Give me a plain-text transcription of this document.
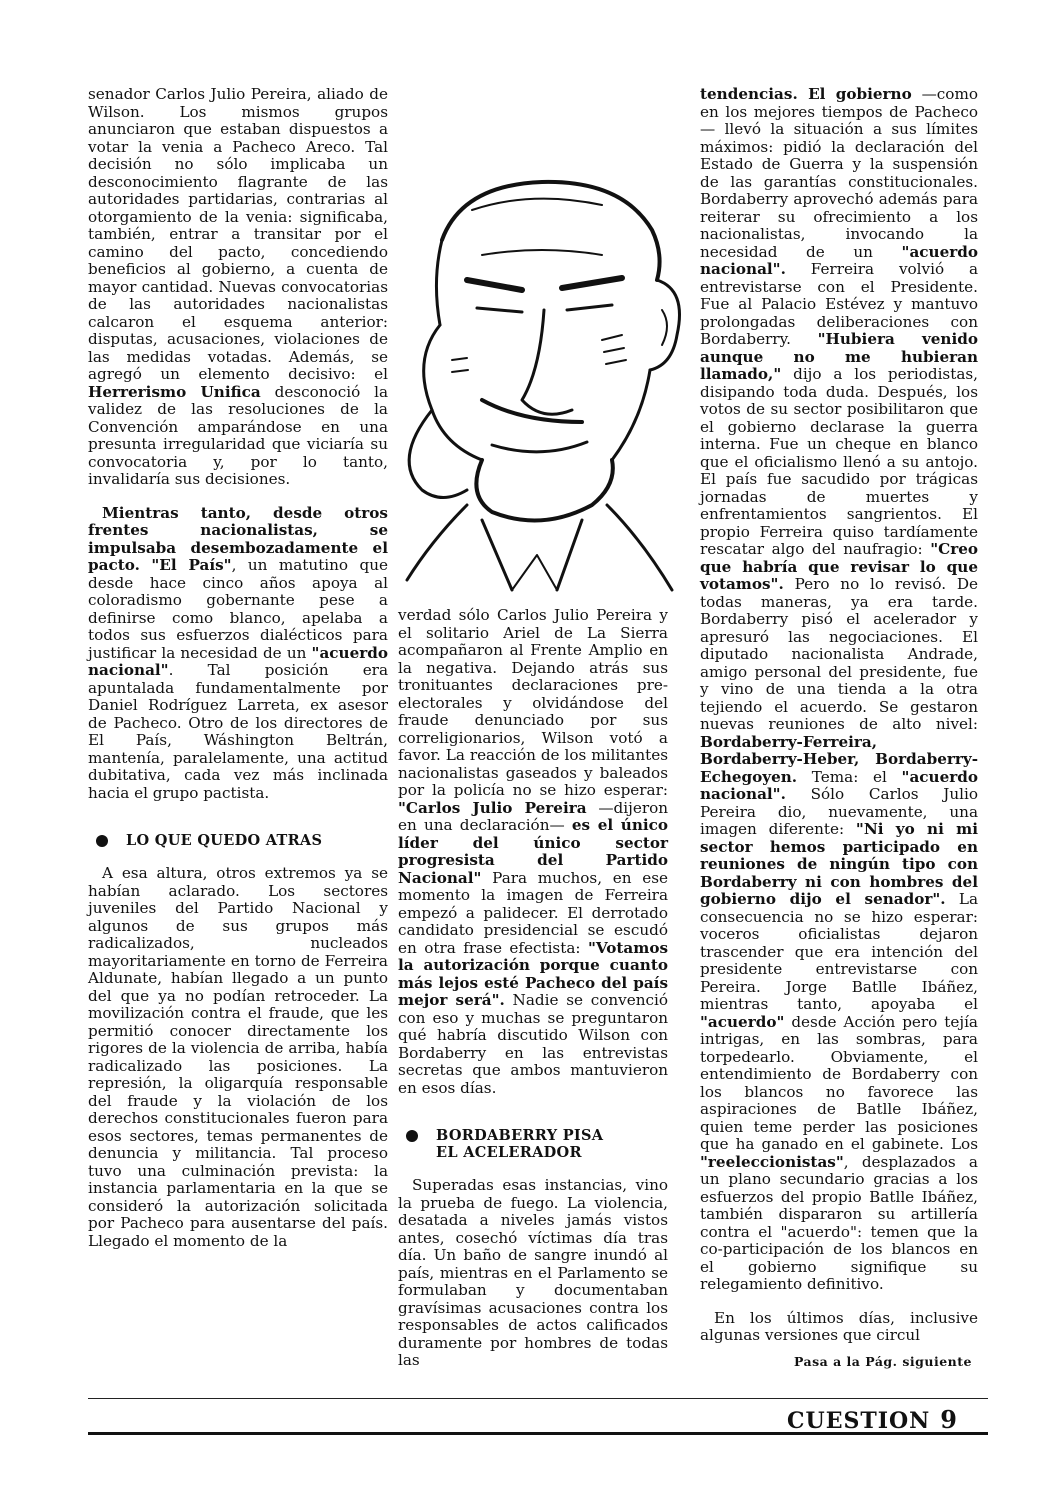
senador Carlos Julio Pereira, aliado de Wilson. Los mismos grupos anunciaron que estaban dispuestos a votar la venia a Pacheco Areco. Tal decisión no sólo implicaba un desconocimiento flagrante de las autoridades partidarias, contrarias al otorgamiento de la venia: significaba, también, entrar a transitar por el camino del pacto, concediendo beneficios al gobierno, a cuenta de mayor cantidad. Nuevas convocatorias de las autoridades nacionalistas calcaron el esquema anterior: disputas, acusaciones, violaciones de las medidas votadas. Además, se agregó un elemento decisivo: el Herrerismo Unifica desconoció la validez de las resoluciones de la Convención amparándose en una presunta irregularidad que viciaría su convocatoria y, por lo tanto, invalidaría sus decisiones.

Mientras tanto, desde otros frentes nacionalistas, se impulsaba desembozadamente el pacto. "El País", un matutino que desde hace cinco años apoya al coloradismo gobernante pese a definirse como blanco, apelaba a todos sus esfuerzos dialécticos para justificar la necesidad de un "acuerdo nacional". Tal posición era apuntalada fundamentalmente por Daniel Rodríguez Larreta, ex asesor de Pacheco. Otro de los directores de El País, Wáshington Beltrán, mantenía, paralelamente, una actitud dubitativa, cada vez más inclinada hacia el grupo pactista.

LO QUE QUEDO ATRAS

A esa altura, otros extremos ya se habían aclarado. Los sectores juveniles del Partido Nacional y algunos de sus grupos más radicalizados, nucleados mayoritariamente en torno de Ferreira Aldunate, habían llegado a un punto del que ya no podían retroceder. La movilización contra el fraude, que les permitió conocer directamente los rigores de la violencia de arriba, había radicalizado las posiciones. La represión, la oligarquía responsable del fraude y la violación de los derechos constitucionales fueron para esos sectores, temas permanentes de denuncia y militancia. Tal proceso tuvo una culminación prevista: la instancia parlamentaria en la que se consideró la autorización solicitada por Pacheco para ausentarse del país. Llegado el momento de la

verdad sólo Carlos Julio Pereira y el solitario Ariel de La Sierra acompañaron al Frente Amplio en la negativa. Dejando atrás sus tronituantes declaraciones pre-electorales y olvidándose del fraude denunciado por sus correligionarios, Wilson votó a favor. La reacción de los militantes nacionalistas gaseados y baleados por la policía no se hizo esperar: "Carlos Julio Pereira —dijeron en una declaración— es el único líder del único sector progresista del Partido Nacional" Para muchos, en ese momento la imagen de Ferreira empezó a palidecer. El derrotado candidato presidencial se escudó en otra frase efectista: "Votamos la autorización porque cuanto más lejos esté Pacheco del país mejor será". Nadie se convenció con eso y muchas se preguntaron qué habría discutido Wilson con Bordaberry en las entrevistas secretas que ambos mantuvieron en esos días.

BORDABERRY PISA
EL ACELERADOR

Superadas esas instancias, vino la prueba de fuego. La violencia, desatada a niveles jamás vistos antes, cosechó víctimas día tras día. Un baño de sangre inundó al país, mientras en el Parlamento se formulaban y documentaban gravísimas acusaciones contra los responsables de actos calificados duramente por hombres de todas las

tendencias. El gobierno —como en los mejores tiempos de Pacheco— llevó la situación a sus límites máximos: pidió la declaración del Estado de Guerra y la suspensión de las garantías constitucionales. Bordaberry aprovechó además para reiterar su ofrecimiento a los nacionalistas, invocando la necesidad de un "acuerdo nacional". Ferreira volvió a entrevistarse con el Presidente. Fue al Palacio Estévez y mantuvo prolongadas deliberaciones con Bordaberry. "Hubiera venido aunque no me hubieran llamado," dijo a los periodistas, disipando toda duda. Después, los votos de su sector posibilitaron que el gobierno declarase la guerra interna. Fue un cheque en blanco que el oficialismo llenó a su antojo. El país fue sacudido por trágicas jornadas de muertes y enfrentamientos sangrientos. El propio Ferreira quiso tardíamente rescatar algo del naufragio: "Creo que habría que revisar lo que votamos". Pero no lo revisó. De todas maneras, ya era tarde. Bordaberry pisó el acelerador y apresuró las negociaciones. El diputado nacionalista Andrade, amigo personal del presidente, fue y vino de una tienda a la otra tejiendo el acuerdo. Se gestaron nuevas reuniones de alto nivel: Bordaberry-Ferreira, Bordaberry-Heber, Bordaberry-Echegoyen. Tema: el "acuerdo nacional". Sólo Carlos Julio Pereira dio, nuevamente, una imagen diferente: "Ni yo ni mi sector hemos participado en reuniones de ningún tipo con Bordaberry ni con hombres del gobierno dijo el senador". La consecuencia no se hizo esperar: voceros oficialistas dejaron trascender que era intención del presidente entrevistarse con Pereira. Jorge Batlle Ibáñez, mientras tanto, apoyaba el "acuerdo" desde Acción pero tejía intrigas, en las sombras, para torpedearlo. Obviamente, el entendimiento de Bordaberry con los blancos no favorece las aspiraciones de Batlle Ibáñez, quien teme perder las posiciones que ha ganado en el gabinete. Los "reeleccionistas", desplazados a un plano secundario gracias a los esfuerzos del propio Batlle Ibáñez, también dispararon su artillería contra el "acuerdo": temen que la co-participación de los blancos en el gobierno signifique su relegamiento definitivo.

En los últimos días, inclusive algunas versiones que circul

Pasa a la Pág. siguiente
CUESTION 9
